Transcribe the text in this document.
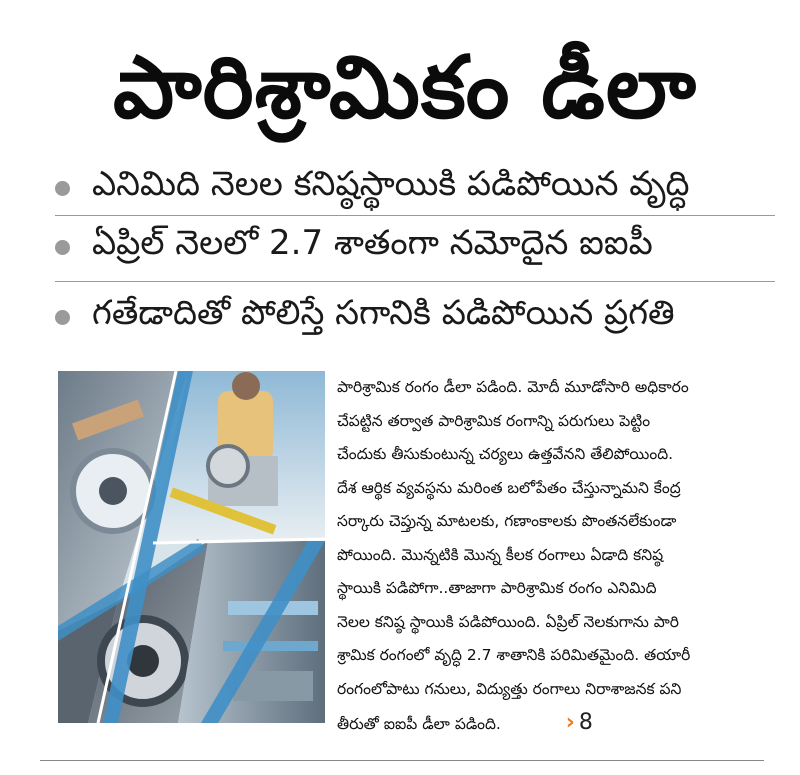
పారిశ్రామికం డీలా
ఎనిమిది నెలల కనిష్ఠస్థాయికి పడిపోయిన వృద్ధి
ఏప్రిల్ నెలలో 2.7 శాతంగా నమోదైన ఐఐపీ
గతేడాదితో పోలిస్తే సగానికి పడిపోయిన ప్రగతి
పారిశ్రామిక రంగం డీలా పడింది. మోదీ మూడోసారి అధికారం
చేపట్టిన తర్వాత పారిశ్రామిక రంగాన్ని పరుగులు పెట్టిం
చేందుకు తీసుకుంటున్న చర్యలు ఉత్తవేనని తేలిపోయింది.
దేశ ఆర్థిక వ్యవస్థను మరింత బలోపేతం చేస్తున్నామని కేంద్ర
సర్కారు చెప్తున్న మాటలకు, గణాంకాలకు పొంతనలేకుండా
పోయింది. మొన్నటికి మొన్న కీలక రంగాలు ఏడాది కనిష్ఠ
స్థాయికి పడిపోగా..తాజాగా పారిశ్రామిక రంగం ఎనిమిది
నెలల కనిష్ఠ స్థాయికి పడిపోయింది. ఏప్రిల్ నెలకుగాను పారి
శ్రామిక రంగంలో వృద్ధి 2.7 శాతానికి పరిమితమైంది. తయారీ
రంగంలోపాటు గనులు, విద్యుత్తు రంగాలు నిరాశాజనక పని
తీరుతో ఐఐపీ డీలా పడింది.	› 8
